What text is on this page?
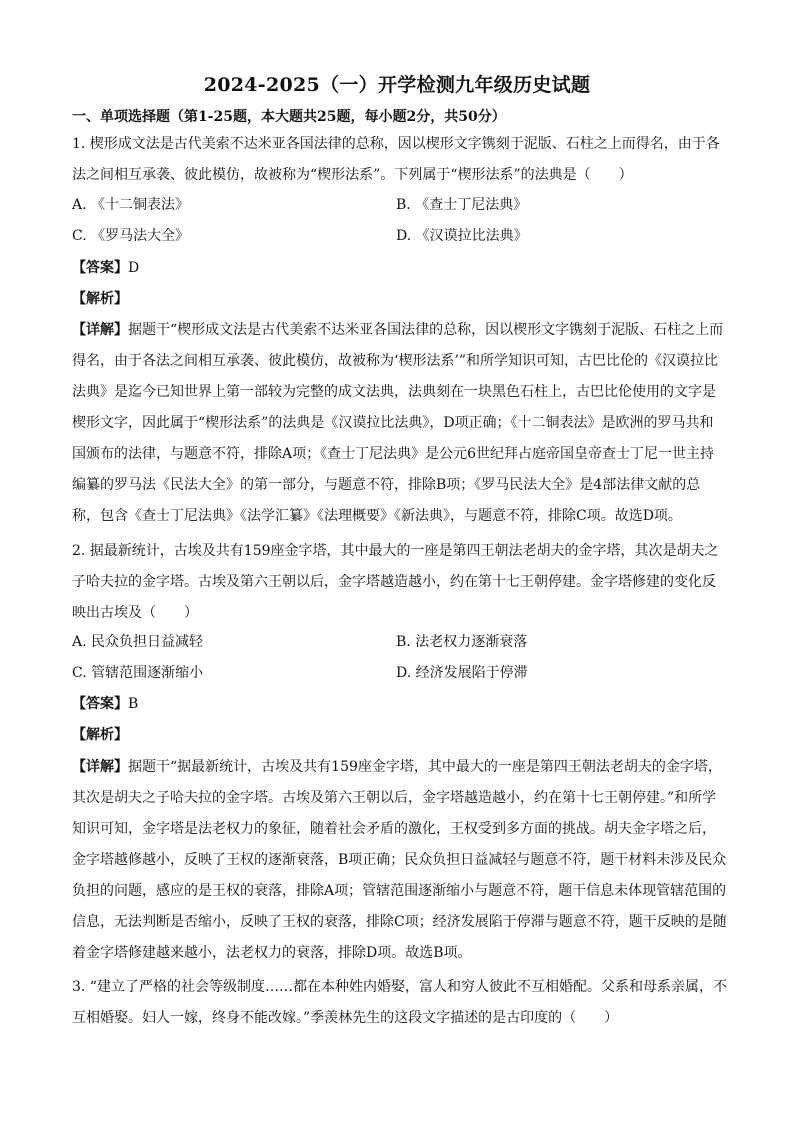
2024-2025（一）开学检测九年级历史试题
一、单项选择题（第1-25题，本大题共25题，每小题2分，共50分）
1. 楔形成文法是古代美索不达米亚各国法律的总称，因以楔形文字镌刻于泥版、石柱之上而得名，由于各法之间相互承袭、彼此模仿，故被称为“楔形法系”。下列属于“楔形法系”的法典是（　　）
A. 《十二铜表法》	B. 《查士丁尼法典》
C. 《罗马法大全》	D. 《汉谟拉比法典》
【答案】D
【解析】
【详解】据题干“楔形成文法是古代美索不达米亚各国法律的总称，因以楔形文字镌刻于泥版、石柱之上而得名，由于各法之间相互承袭、彼此模仿，故被称为‘楔形法系’”和所学知识可知，古巴比伦的《汉谟拉比法典》是迄今已知世界上第一部较为完整的成文法典，法典刻在一块黑色石柱上，古巴比伦使用的文字是楔形文字，因此属于“楔形法系”的法典是《汉谟拉比法典》，D项正确；《十二铜表法》是欧洲的罗马共和国颁布的法律，与题意不符，排除A项；《查士丁尼法典》是公元6世纪拜占庭帝国皇帝查士丁尼一世主持编纂的罗马法《民法大全》的第一部分，与题意不符，排除B项；《罗马民法大全》是4部法律文献的总称，包含《查士丁尼法典》《法学汇纂》《法理概要》《新法典》，与题意不符，排除C项。故选D项。
2. 据最新统计，古埃及共有159座金字塔，其中最大的一座是第四王朝法老胡夫的金字塔，其次是胡夫之子哈夫拉的金字塔。古埃及第六王朝以后，金字塔越造越小，约在第十七王朝停建。金字塔修建的变化反映出古埃及（　　）
A. 民众负担日益减轻	B. 法老权力逐渐衰落
C. 管辖范围逐渐缩小	D. 经济发展陷于停滞
【答案】B
【解析】
【详解】据题干“据最新统计，古埃及共有159座金字塔，其中最大的一座是第四王朝法老胡夫的金字塔，其次是胡夫之子哈夫拉的金字塔。古埃及第六王朝以后，金字塔越造越小，约在第十七王朝停建。”和所学知识可知，金字塔是法老权力的象征，随着社会矛盾的激化，王权受到多方面的挑战。胡夫金字塔之后，金字塔越修越小，反映了王权的逐渐衰落，B项正确；民众负担日益减轻与题意不符，题干材料未涉及民众负担的问题，感应的是王权的衰落，排除A项；管辖范围逐渐缩小与题意不符，题干信息未体现管辖范围的信息，无法判断是否缩小，反映了王权的衰落，排除C项；经济发展陷于停滞与题意不符，题干反映的是随着金字塔修建越来越小，法老权力的衰落，排除D项。故选B项。
3. “建立了严格的社会等级制度……都在本种姓内婚娶，富人和穷人彼此不互相婚配。父系和母系亲属，不互相婚娶。妇人一嫁，终身不能改嫁。”季羡林先生的这段文字描述的是古印度的（　　）
